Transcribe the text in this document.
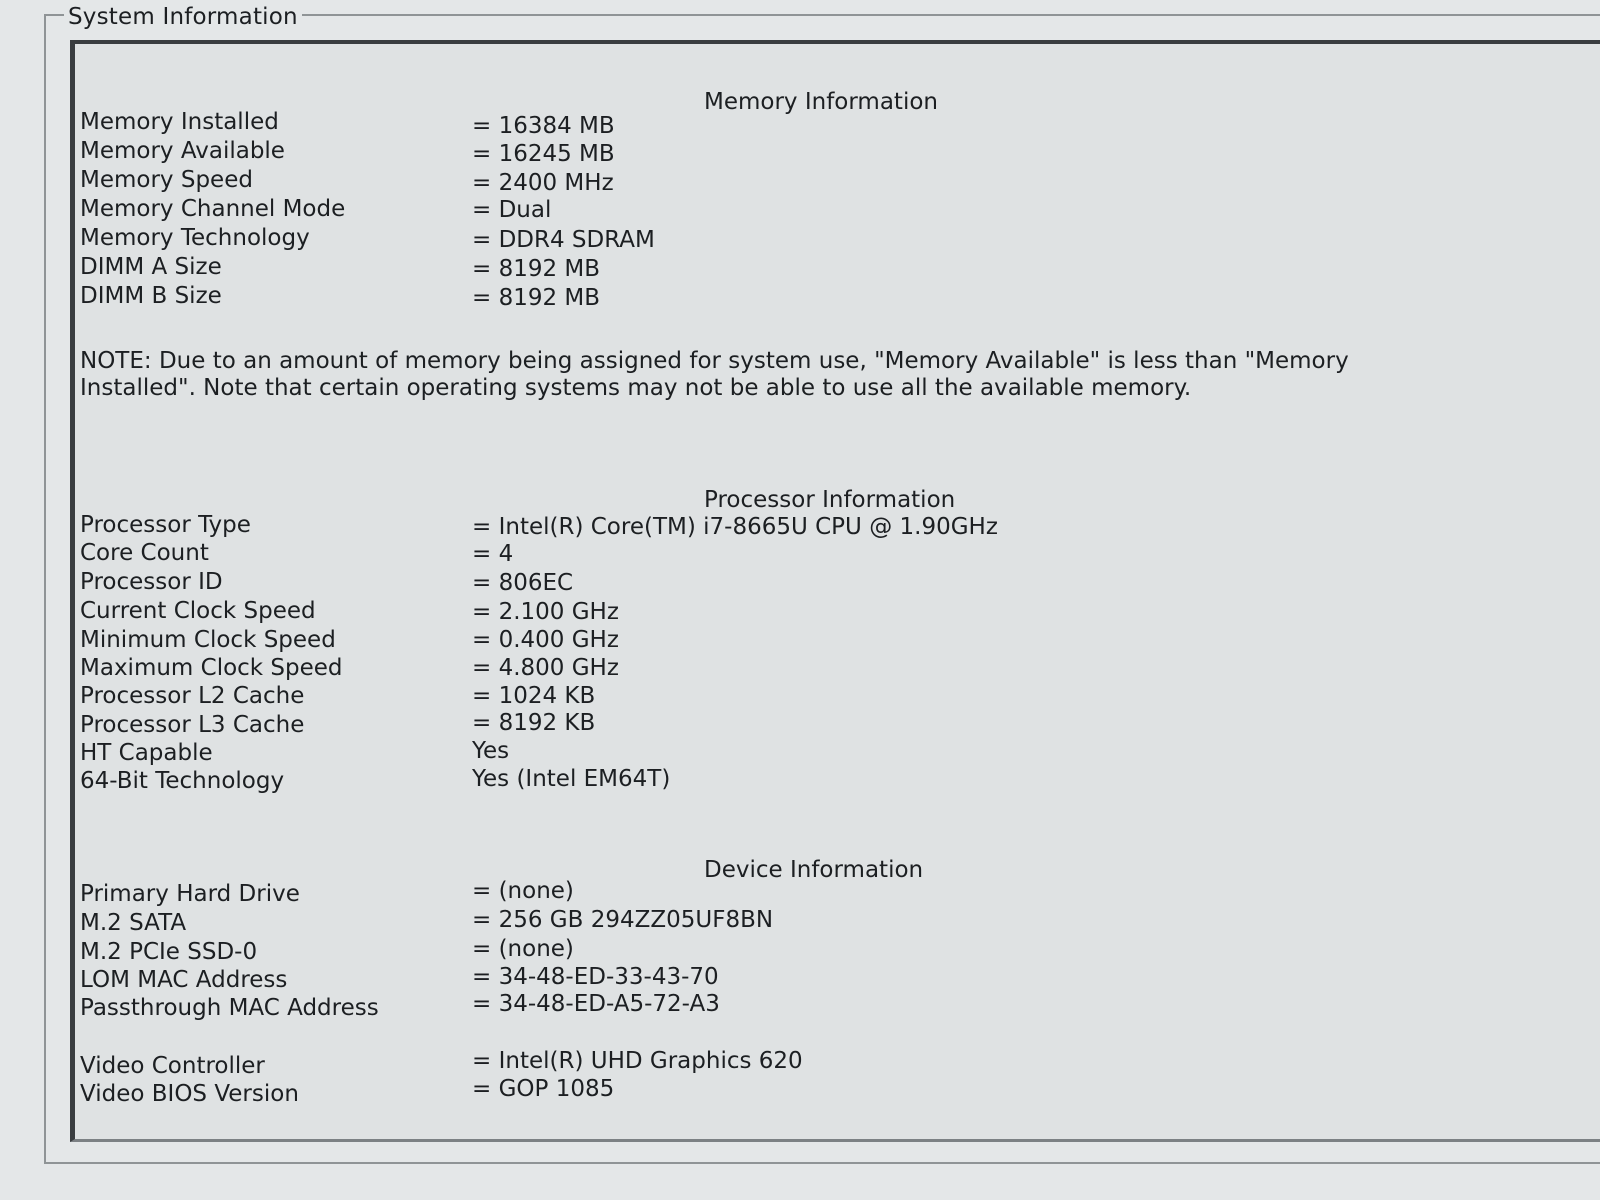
System Information
Memory Information
Memory Installed	= 16384 MB
Memory Available	= 16245 MB
Memory Speed	= 2400 MHz
Memory Channel Mode	= Dual
Memory Technology	= DDR4 SDRAM
DIMM A Size	= 8192 MB
DIMM B Size	= 8192 MB
NOTE: Due to an amount of memory being assigned for system use, "Memory Available" is less than "Memory Installed". Note that certain operating systems may not be able to use all the available memory.
Processor Information
Processor Type	= Intel(R) Core(TM) i7-8665U CPU @ 1.90GHz
Core Count	= 4
Processor ID	= 806EC
Current Clock Speed	= 2.100 GHz
Minimum Clock Speed	= 0.400 GHz
Maximum Clock Speed	= 4.800 GHz
Processor L2 Cache	= 1024 KB
Processor L3 Cache	= 8192 KB
HT Capable	Yes
64-Bit Technology	Yes (Intel EM64T)
Device Information
Primary Hard Drive	= (none)
M.2 SATA	= 256 GB 294ZZ05UF8BN
M.2 PCIe SSD-0	= (none)
LOM MAC Address	= 34-48-ED-33-43-70
Passthrough MAC Address	= 34-48-ED-A5-72-A3
Video Controller	= Intel(R) UHD Graphics 620
Video BIOS Version	= GOP 1085
